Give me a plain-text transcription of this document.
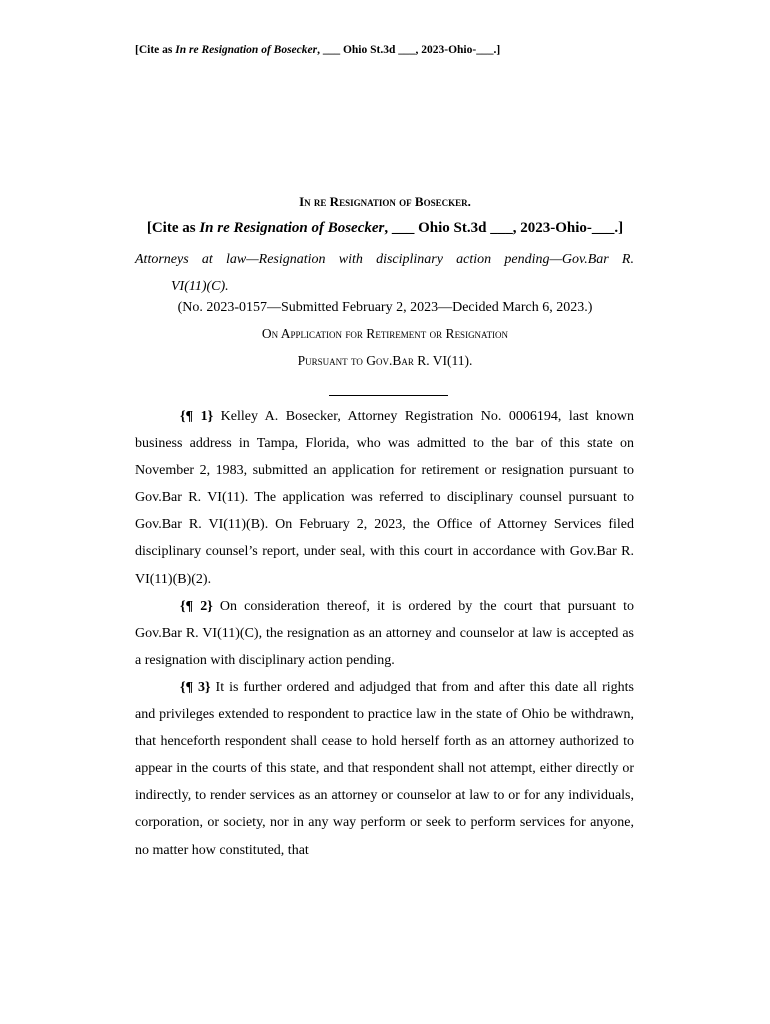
[Cite as In re Resignation of Bosecker, ___ Ohio St.3d ___, 2023-Ohio-___.]
In re Resignation of Bosecker.
[Cite as In re Resignation of Bosecker, ___ Ohio St.3d ___, 2023-Ohio-___.]
Attorneys at law—Resignation with disciplinary action pending—Gov.Bar R.
VI(11)(C).
(No. 2023-0157—Submitted February 2, 2023—Decided March 6, 2023.)
On Application for Retirement or Resignation
Pursuant to Gov.Bar R. VI(11).

{¶ 1} Kelley A. Bosecker, Attorney Registration No. 0006194, last known business address in Tampa, Florida, who was admitted to the bar of this state on November 2, 1983, submitted an application for retirement or resignation pursuant to Gov.Bar R. VI(11). The application was referred to disciplinary counsel pursuant to Gov.Bar R. VI(11)(B). On February 2, 2023, the Office of Attorney Services filed disciplinary counsel’s report, under seal, with this court in accordance with Gov.Bar R. VI(11)(B)(2).

{¶ 2} On consideration thereof, it is ordered by the court that pursuant to Gov.Bar R. VI(11)(C), the resignation as an attorney and counselor at law is accepted as a resignation with disciplinary action pending.

{¶ 3} It is further ordered and adjudged that from and after this date all rights and privileges extended to respondent to practice law in the state of Ohio be withdrawn, that henceforth respondent shall cease to hold herself forth as an attorney authorized to appear in the courts of this state, and that respondent shall not attempt, either directly or indirectly, to render services as an attorney or counselor at law to or for any individuals, corporation, or society, nor in any way perform or seek to perform services for anyone, no matter how constituted, that
